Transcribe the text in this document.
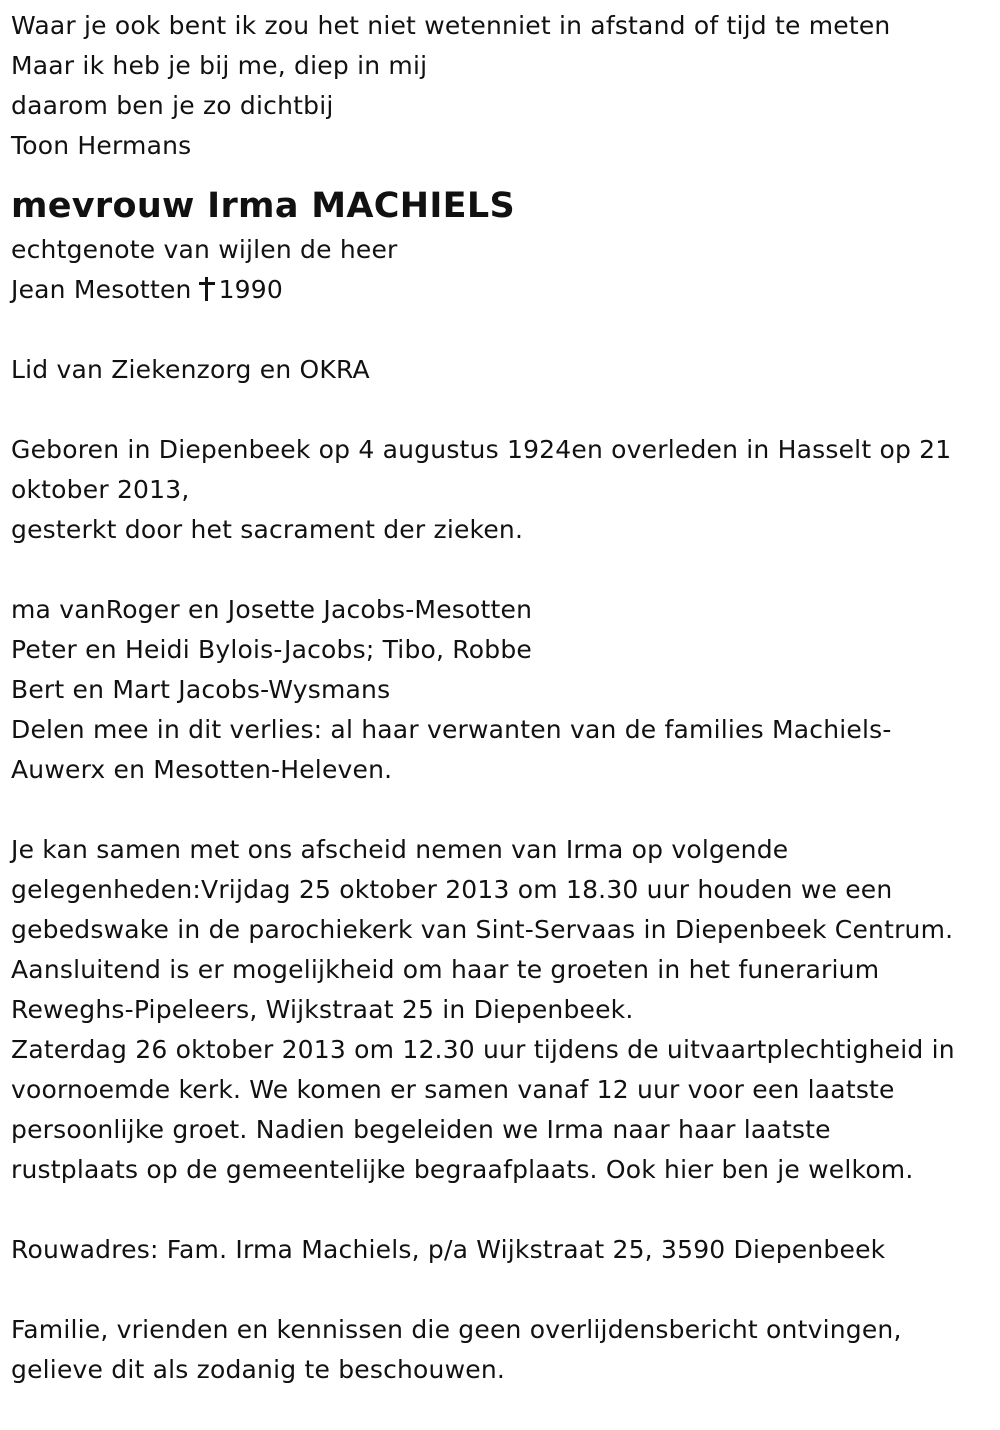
Waar je ook bent ik zou het niet wetenniet in afstand of tijd te meten

Maar ik heb je bij me, diep in mij

daarom ben je zo dichtbij

Toon Hermans

mevrouw Irma MACHIELS

echtgenote van wijlen de heer

Jean Mesotten 1990

Lid van Ziekenzorg en OKRA

Geboren in Diepenbeek op 4 augustus 1924en overleden in Hasselt op 21

oktober 2013,

gesterkt door het sacrament der zieken.

ma vanRoger en Josette Jacobs-Mesotten

Peter en Heidi Bylois-Jacobs; Tibo, Robbe

Bert en Mart Jacobs-Wysmans

Delen mee in dit verlies: al haar verwanten van de families Machiels-

Auwerx en Mesotten-Heleven.

Je kan samen met ons afscheid nemen van Irma op volgende

gelegenheden:Vrijdag 25 oktober 2013 om 18.30 uur houden we een

gebedswake in de parochiekerk van Sint-Servaas in Diepenbeek Centrum.

Aansluitend is er mogelijkheid om haar te groeten in het funerarium

Reweghs-Pipeleers, Wijkstraat 25 in Diepenbeek.

Zaterdag 26 oktober 2013 om 12.30 uur tijdens de uitvaartplechtigheid in

voornoemde kerk. We komen er samen vanaf 12 uur voor een laatste

persoonlijke groet. Nadien begeleiden we Irma naar haar laatste

rustplaats op de gemeentelijke begraafplaats. Ook hier ben je welkom.

Rouwadres: Fam. Irma Machiels, p/a Wijkstraat 25, 3590 Diepenbeek

Familie, vrienden en kennissen die geen overlijdensbericht ontvingen,

gelieve dit als zodanig te beschouwen.
